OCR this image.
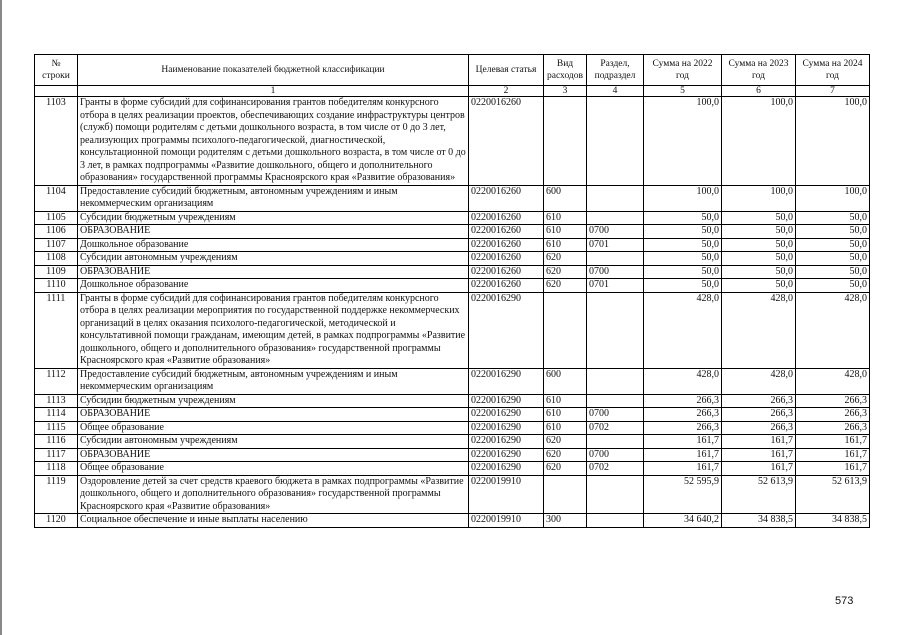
№ строки	Наименование показателей бюджетной классификации	Целевая статья	Вид расходов	Раздел, подраздел	Сумма на 2022 год	Сумма на 2023 год	Сумма на 2024 год
	1	2	3	4	5	6	7
1103	Гранты в форме субсидий для софинансирования грантов победителям конкурсного отбора в целях реализации проектов, обеспечивающих создание инфраструктуры центров (служб) помощи родителям с детьми дошкольного возраста, в том числе от 0 до 3 лет, реализующих программы психолого-педагогической, диагностической, консультационной помощи родителям с детьми дошкольного возраста, в том числе от 0 до 3 лет, в рамках подпрограммы «Развитие дошкольного, общего и дополнительного образования» государственной программы Красноярского края «Развитие образования»	0220016260			100,0	100,0	100,0
1104	Предоставление субсидий бюджетным, автономным учреждениям и иным некоммерческим организациям	0220016260	600		100,0	100,0	100,0
1105	Субсидии бюджетным учреждениям	0220016260	610		50,0	50,0	50,0
1106	ОБРАЗОВАНИЕ	0220016260	610	0700	50,0	50,0	50,0
1107	Дошкольное образование	0220016260	610	0701	50,0	50,0	50,0
1108	Субсидии автономным учреждениям	0220016260	620		50,0	50,0	50,0
1109	ОБРАЗОВАНИЕ	0220016260	620	0700	50,0	50,0	50,0
1110	Дошкольное образование	0220016260	620	0701	50,0	50,0	50,0
1111	Гранты в форме субсидий для софинансирования грантов победителям конкурсного отбора в целях реализации мероприятия по государственной поддержке некоммерческих организаций в целях оказания психолого-педагогической, методической и консультативной помощи гражданам, имеющим детей, в рамках подпрограммы «Развитие дошкольного, общего и дополнительного образования» государственной программы Красноярского края «Развитие образования»	0220016290			428,0	428,0	428,0
1112	Предоставление субсидий бюджетным, автономным учреждениям и иным некоммерческим организациям	0220016290	600		428,0	428,0	428,0
1113	Субсидии бюджетным учреждениям	0220016290	610		266,3	266,3	266,3
1114	ОБРАЗОВАНИЕ	0220016290	610	0700	266,3	266,3	266,3
1115	Общее образование	0220016290	610	0702	266,3	266,3	266,3
1116	Субсидии автономным учреждениям	0220016290	620		161,7	161,7	161,7
1117	ОБРАЗОВАНИЕ	0220016290	620	0700	161,7	161,7	161,7
1118	Общее образование	0220016290	620	0702	161,7	161,7	161,7
1119	Оздоровление детей за счет средств краевого бюджета в рамках подпрограммы «Развитие дошкольного, общего и дополнительного образования» государственной программы Красноярского края «Развитие образования»	0220019910			52 595,9	52 613,9	52 613,9
1120	Социальное обеспечение и иные выплаты населению	0220019910	300		34 640,2	34 838,5	34 838,5
573
